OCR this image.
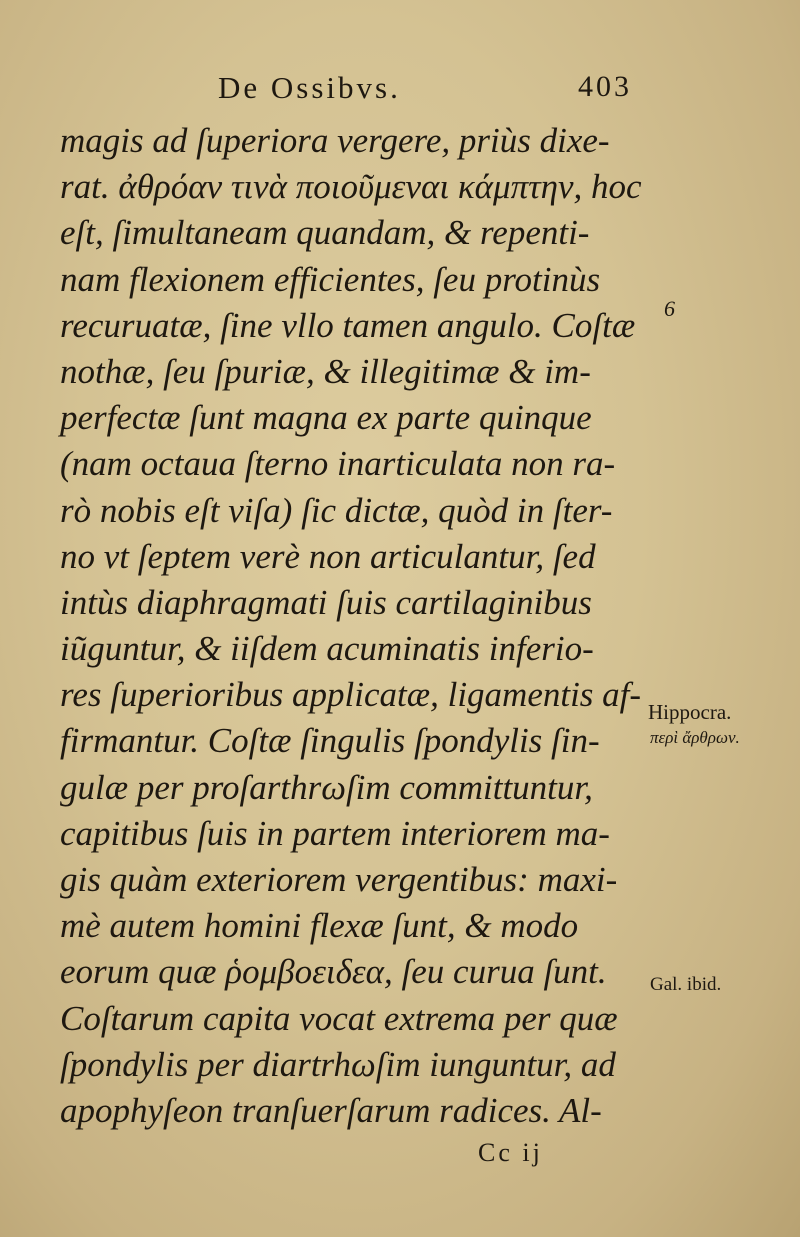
De Ossibvs.	403
magis ad ſuperiora vergere, priùs dixe-
rat. ἀθρόαν τινὰ ποιοῦμεναι κάμπτην, hoc
eſt, ſimultaneam quandam, & repenti-
nam flexionem efficientes, ſeu protinùs
recuruatæ, ſine vllo tamen angulo. Coſtæ
nothæ, ſeu ſpuriæ, & illegitimæ & im-
perfectæ ſunt magna ex parte quinque
(nam octaua ſterno inarticulata non ra-
rò nobis eſt viſa) ſic dictæ, quòd in ſter-
no vt ſeptem verè non articulantur, ſed
intùs diaphragmati ſuis cartilaginibus
iũguntur, & iiſdem acuminatis inferio-
res ſuperioribus applicatæ, ligamentis af-
firmantur. Coſtæ ſingulis ſpondylis ſin-
gulæ per proſarthrωſim committuntur,
capitibus ſuis in partem interiorem ma-
gis quàm exteriorem vergentibus: maxi-
mè autem homini flexæ ſunt, & modo
eorum quæ ῥομβοειδεα, ſeu curua ſunt.
Coſtarum capita vocat extrema per quæ
ſpondylis per diartrhωſim iunguntur, ad
apophyſeon tranſuerſarum radices. Al-
6
Hippocra.
περὶ ἄρθρων.
Gal. ibid.
Cc ij
